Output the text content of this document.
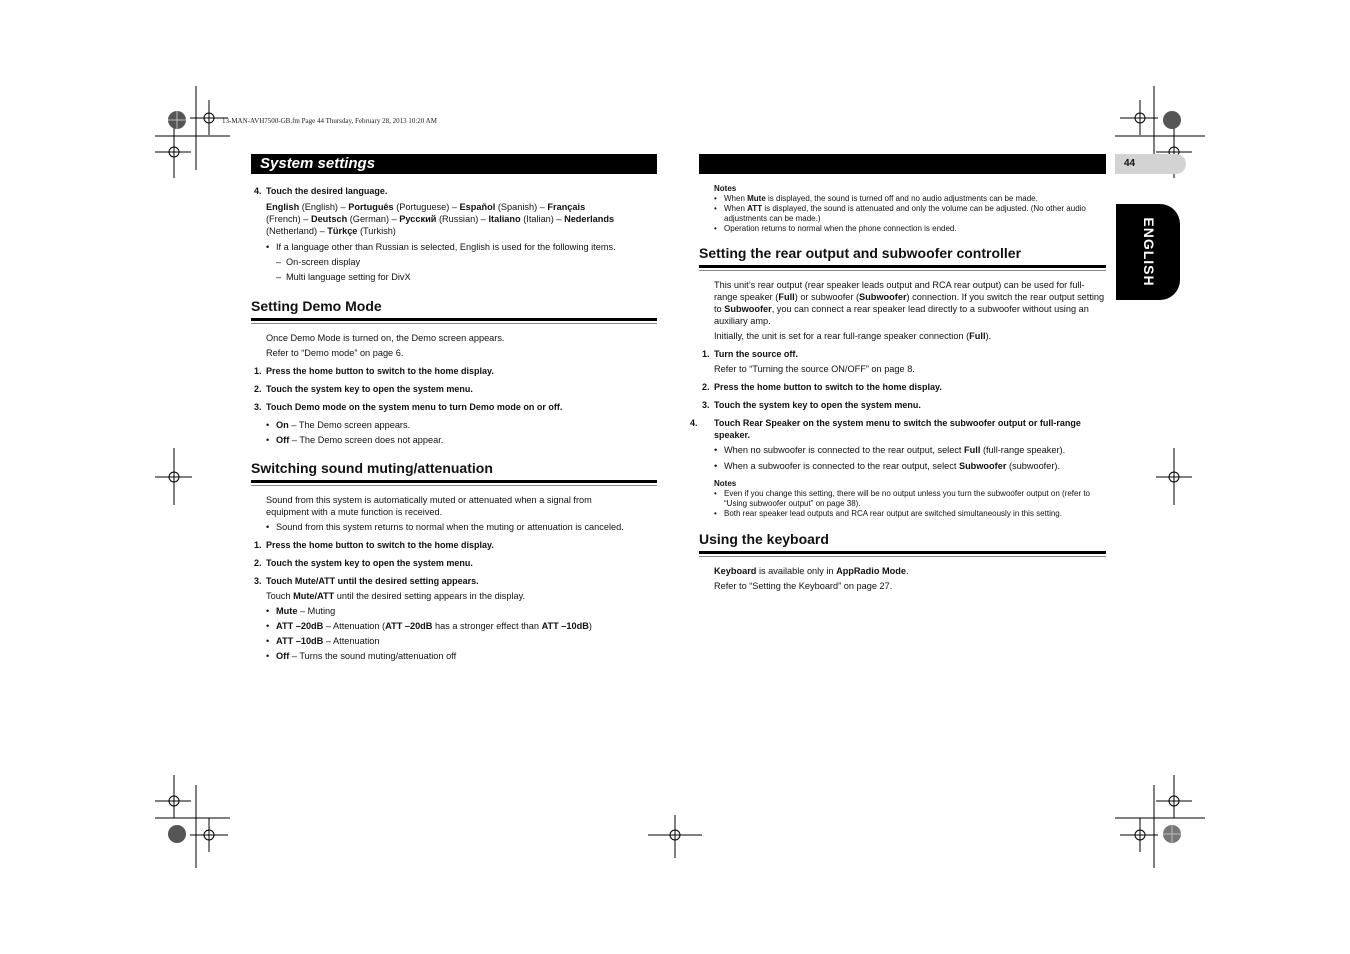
13-MAN-AVH7500-GB.fm Page 44 Thursday, February 28, 2013 10:20 AM
44
ENGLISH
System settings
4. Touch the desired language.
English (English) – Português (Portuguese) – Español (Spanish) – Français
(French) – Deutsch (German) – Русский (Russian) – Italiano (Italian) – Nederlands
(Netherland) – Türkçe (Turkish)
• If a language other than Russian is selected, English is used for the following items.
– On-screen display
– Multi language setting for DivX
Setting Demo Mode
Once Demo Mode is turned on, the Demo screen appears.
Refer to “Demo mode” on page 6.
1. Press the home button to switch to the home display.
2. Touch the system key to open the system menu.
3. Touch Demo mode on the system menu to turn Demo mode on or off.
• On – The Demo screen appears.
• Off – The Demo screen does not appear.
Switching sound muting/attenuation
Sound from this system is automatically muted or attenuated when a signal from equipment with a mute function is received.
• Sound from this system returns to normal when the muting or attenuation is canceled.
1. Press the home button to switch to the home display.
2. Touch the system key to open the system menu.
3. Touch Mute/ATT until the desired setting appears.
Touch Mute/ATT until the desired setting appears in the display.
• Mute – Muting
• ATT –20dB – Attenuation (ATT –20dB has a stronger effect than ATT –10dB)
• ATT –10dB – Attenuation
• Off – Turns the sound muting/attenuation off
Notes
• When Mute is displayed, the sound is turned off and no audio adjustments can be made.
• When ATT is displayed, the sound is attenuated and only the volume can be adjusted. (No other audio adjustments can be made.)
• Operation returns to normal when the phone connection is ended.
Setting the rear output and subwoofer controller
This unit’s rear output (rear speaker leads output and RCA rear output) can be used for full-range speaker (Full) or subwoofer (Subwoofer) connection. If you switch the rear output setting to Subwoofer, you can connect a rear speaker lead directly to a subwoofer without using an auxiliary amp.
Initially, the unit is set for a rear full-range speaker connection (Full).
1. Turn the source off.
Refer to “Turning the source ON/OFF” on page 8.
2. Press the home button to switch to the home display.
3. Touch the system key to open the system menu.
4. Touch Rear Speaker on the system menu to switch the subwoofer output or full-range speaker.
• When no subwoofer is connected to the rear output, select Full (full-range speaker).
• When a subwoofer is connected to the rear output, select Subwoofer (subwoofer).
Notes
• Even if you change this setting, there will be no output unless you turn the subwoofer output on (refer to “Using subwoofer output” on page 38).
• Both rear speaker lead outputs and RCA rear output are switched simultaneously in this setting.
Using the keyboard
Keyboard is available only in AppRadio Mode.
Refer to “Setting the Keyboard” on page 27.
